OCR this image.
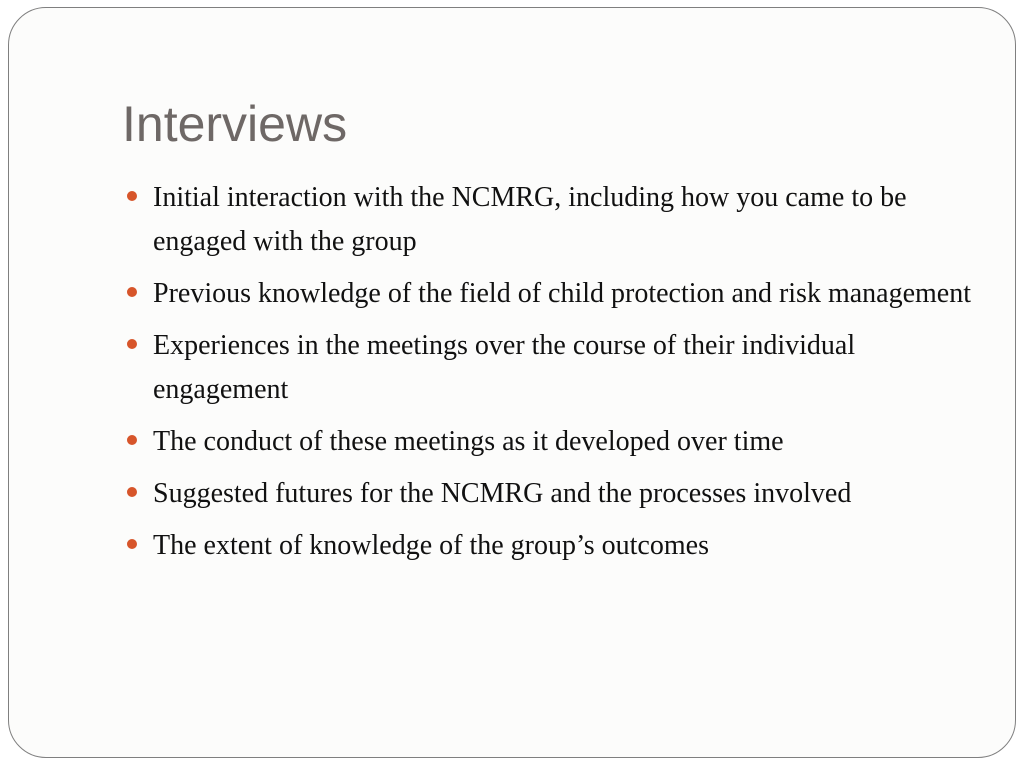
Interviews
Initial interaction with the NCMRG, including how you came to be engaged with the group
Previous knowledge of the field of child protection and risk management
Experiences in the meetings over the course of their individual engagement
The conduct of these meetings as it developed over time
Suggested futures for the NCMRG and the processes involved
The extent of knowledge of the group’s outcomes
